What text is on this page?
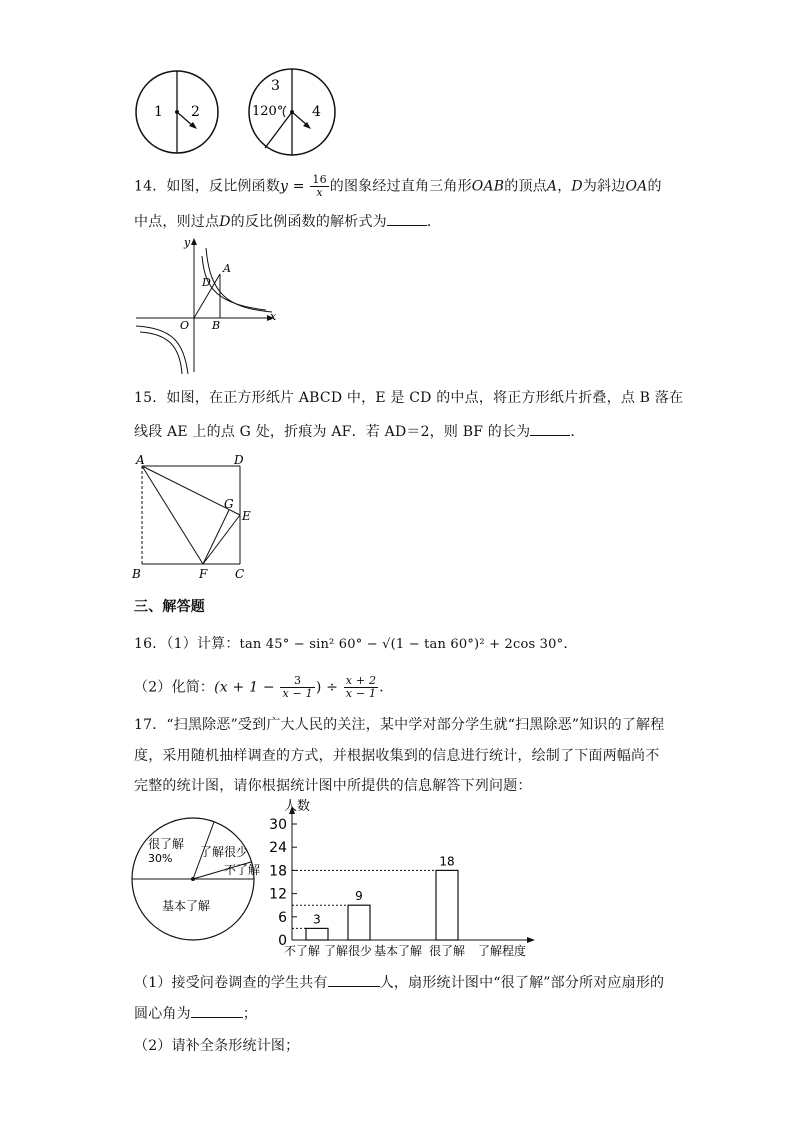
1 2
3
120° 4
14．如图，反比例函数$y = \frac{16}{x}$ 的图象经过直角三角形OAB的顶点A，D为斜边OA的
中点，则过点D的反比例函数的解析式为	．
y
x
O B
A
D
15．如图，在正方形纸片 ABCD 中，E 是 CD 的中点，将正方形纸片折叠，点 B 落在
线段 AE 上的点 G 处，折痕为 AF．若 AD＝2，则 BF 的长为	．
A	D
G
E
B	F C
三、解答题
16．（1）计算：tan 45° − sin² 60° − √(1 − tan 60°)² + 2cos 30°．
（2）化简：($x + 1 - \frac{3}{x - 1}$ ) ÷ $\frac{x + 2}{x - 1}$ ．
17．“扫黑除恶”受到广大人民的关注，某中学对部分学生就“扫黑除恶”知识的了解程
度，采用随机抽样调查的方式，并根据收集到的信息进行统计，绘制了下面两幅尚不
完整的统计图，请你根据统计图中所提供的信息解答下列问题：
很了解
30% 了解很少
不了解
基本了解
人数
0
6
12
18
24
30
3
9
18
不了解 了解很少 基本了解 很了解 了解程度
（1）接受问卷调查的学生共有	人，扇形统计图中“很了解”部分所对应扇形的
圆心角为	；
（2）请补全条形统计图；
